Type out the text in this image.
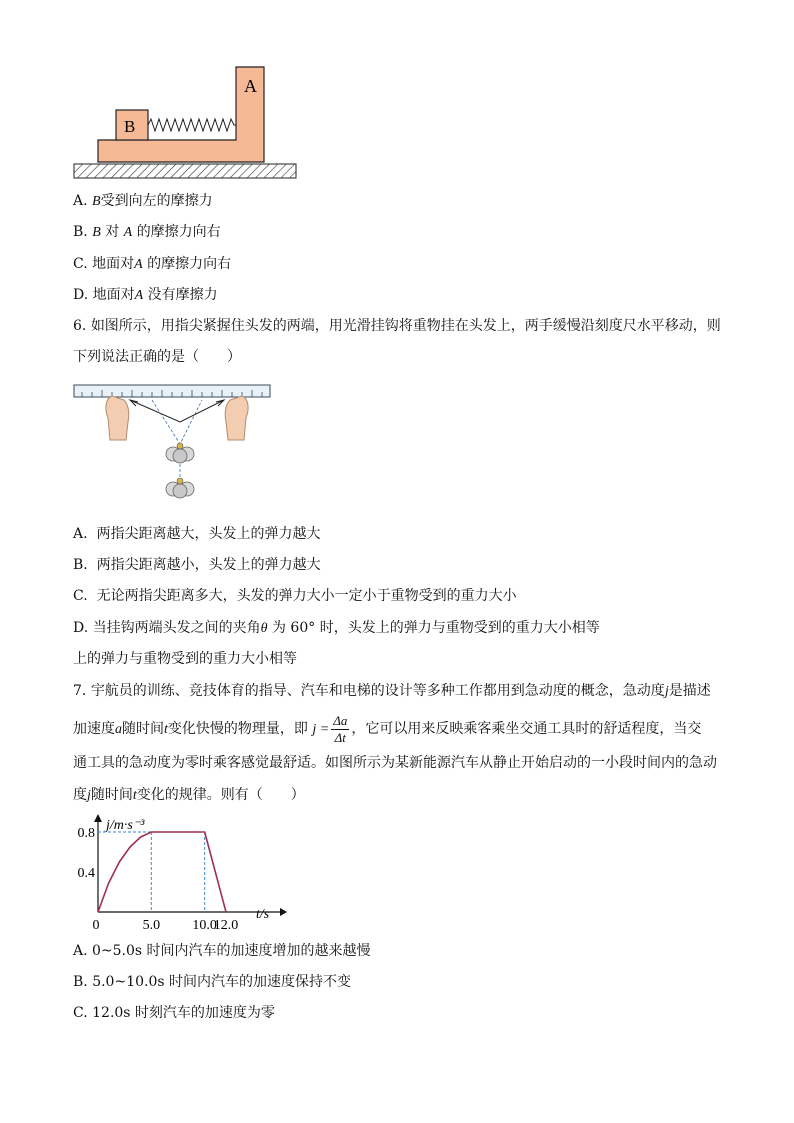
A
B
A. B受到向左的摩擦力
B. B 对 A 的摩擦力向右
C. 地面对A 的摩擦力向右
D. 地面对A 没有摩擦力
6. 如图所示，用指尖紧握住头发的两端，用光滑挂钩将重物挂在头发上，两手缓慢沿刻度尺水平移动，则
下列说法正确的是（　　）
A. 两指尖距离越大，头发上的弹力越大
B. 两指尖距离越小，头发上的弹力越大
C. 无论两指尖距离多大，头发的弹力大小一定小于重物受到的重力大小
D. 当挂钩两端头发之间的夹角θ 为 60° 时，头发上的弹力与重物受到的重力大小相等
上的弹力与重物受到的重力大小相等
7. 宇航员的训练、竞技体育的指导、汽车和电梯的设计等多种工作都用到急动度的概念，急动度j是描述
加速度a随时间t变化快慢的物理量，即 $j = \frac{\Delta a}{\Delta t}$ ，它可以用来反映乘客乘坐交通工具时的舒适程度，当交
通工具的急动度为零时乘客感觉最舒适。如图所示为某新能源汽车从静止开始启动的一小段时间内的急动
度j随时间t变化的规律。则有（　　）
j/m·s⁻³
t/s
0.4
0.8
0	5.0 10.0
12.0
A. 0~5.0s 时间内汽车的加速度增加的越来越慢
B. 5.0~10.0s 时间内汽车的加速度保持不变
C. 12.0s 时刻汽车的加速度为零
